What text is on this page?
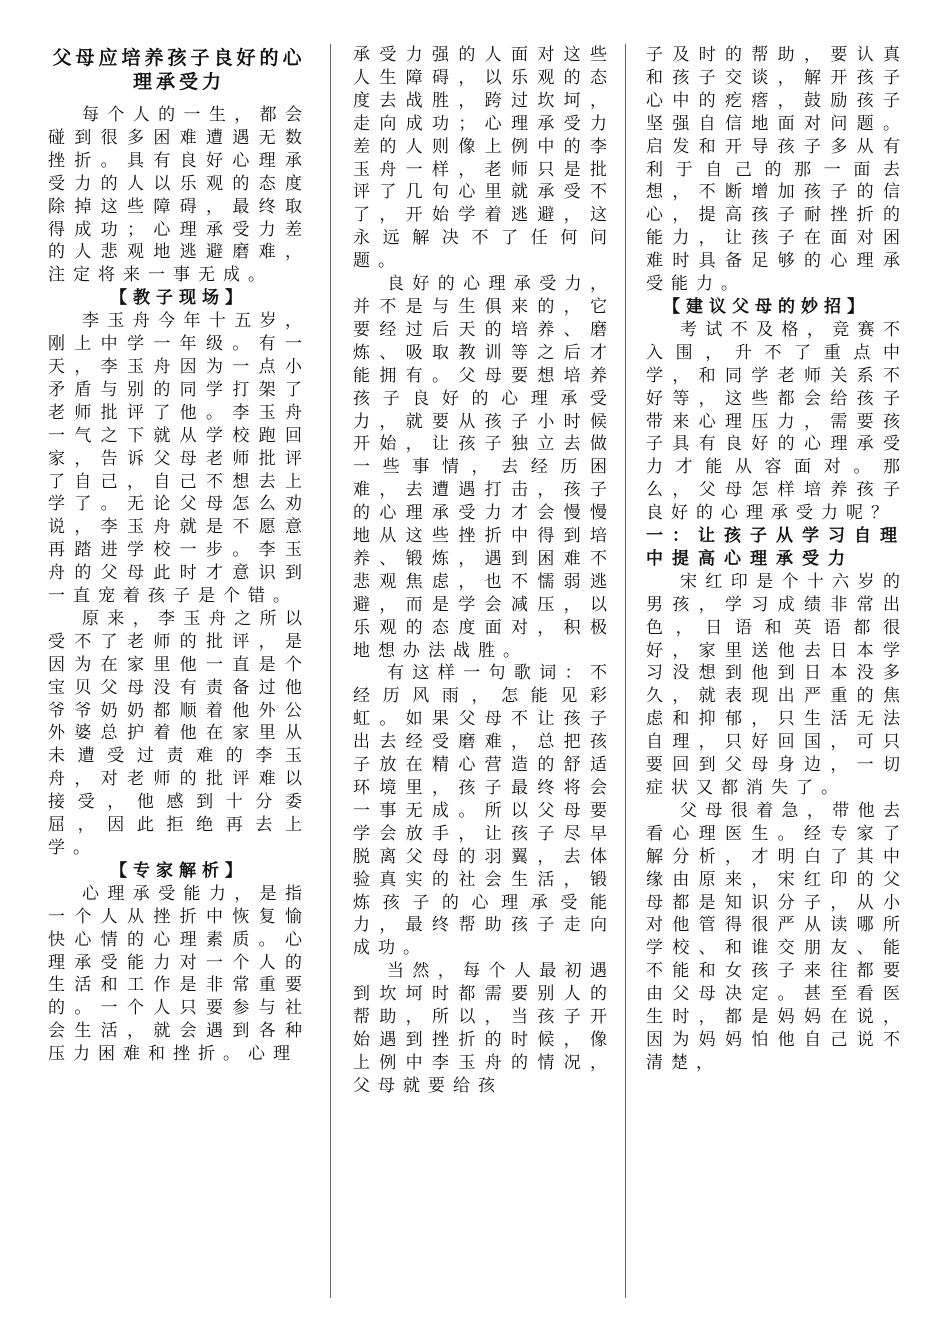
父母应培养孩子良好的心理承受力

每个人的一生，都会碰到很多困难遭遇无数挫折。具有良好心理承受力的人以乐观的态度除掉这些障碍，最终取得成功；心理承受力差的人悲观地逃避磨难，注定将来一事无成。

【教子现场】

李玉舟今年十五岁，刚上中学一年级。有一天，李玉舟因为一点小矛盾与别的同学打架了老师批评了他。李玉舟一气之下就从学校跑回家，告诉父母老师批评了自己，自己不想去上学了。无论父母怎么劝说，李玉舟就是不愿意再踏进学校一步。李玉舟的父母此时才意识到一直宠着孩子是个错。

原来，李玉舟之所以受不了老师的批评，是因为在家里他一直是个宝贝父母没有责备过他爷爷奶奶都顺着他外公外婆总护着他在家里从未遭受过责难的李玉舟，对老师的批评难以接受，他感到十分委屈，因此拒绝再去上学。

【专家解析】

心理承受能力，是指一个人从挫折中恢复愉快心情的心理素质。心理承受能力对一个人的生活和工作是非常重要的。一个人只要参与社会生活，就会遇到各种压力困难和挫折。心理

承受力强的人面对这些人生障碍，以乐观的态度去战胜，跨过坎坷，走向成功；心理承受力差的人则像上例中的李玉舟一样，老师只是批评了几句心里就承受不了，开始学着逃避，这永远解决不了任何问题。

良好的心理承受力，并不是与生俱来的，它要经过后天的培养、磨炼、吸取教训等之后才能拥有。父母要想培养孩子良好的心理承受力，就要从孩子小时候开始，让孩子独立去做一些事情，去经历困难，去遭遇打击，孩子的心理承受力才会慢慢地从这些挫折中得到培养、锻炼，遇到困难不悲观焦虑，也不懦弱逃避，而是学会减压，以乐观的态度面对，积极地想办法战胜。

有这样一句歌词：不经历风雨，怎能见彩虹。如果父母不让孩子出去经受磨难，总把孩子放在精心营造的舒适环境里，孩子最终将会一事无成。所以父母要学会放手，让孩子尽早脱离父母的羽翼，去体验真实的社会生活，锻炼孩子的心理承受能力，最终帮助孩子走向成功。

当然，每个人最初遇到坎坷时都需要别人的帮助，所以，当孩子开始遇到挫折的时候，像上例中李玉舟的情况，父母就要给孩

子及时的帮助，要认真和孩子交谈，解开孩子心中的疙瘩，鼓励孩子坚强自信地面对问题。启发和开导孩子多从有利于自己的那一面去想，不断增加孩子的信心，提高孩子耐挫折的能力，让孩子在面对困难时具备足够的心理承受能力。

【建议父母的妙招】

考试不及格，竞赛不入围，升不了重点中学，和同学老师关系不好等，这些都会给孩子带来心理压力，需要孩子具有良好的心理承受力才能从容面对。那么，父母怎样培养孩子良好的心理承受力呢？

一：让孩子从学习自理中提高心理承受力

宋红印是个十六岁的男孩，学习成绩非常出色，日语和英语都很好，家里送他去日本学习没想到他到日本没多久，就表现出严重的焦虑和抑郁，只生活无法自理，只好回国，可只要回到父母身边，一切症状又都消失了。

父母很着急，带他去看心理医生。经专家了解分析，才明白了其中缘由原来，宋红印的父母都是知识分子，从小对他管得很严从读哪所学校、和谁交朋友、能不能和女孩子来往都要由父母决定。甚至看医生时，都是妈妈在说，因为妈妈怕他自己说不清楚，
